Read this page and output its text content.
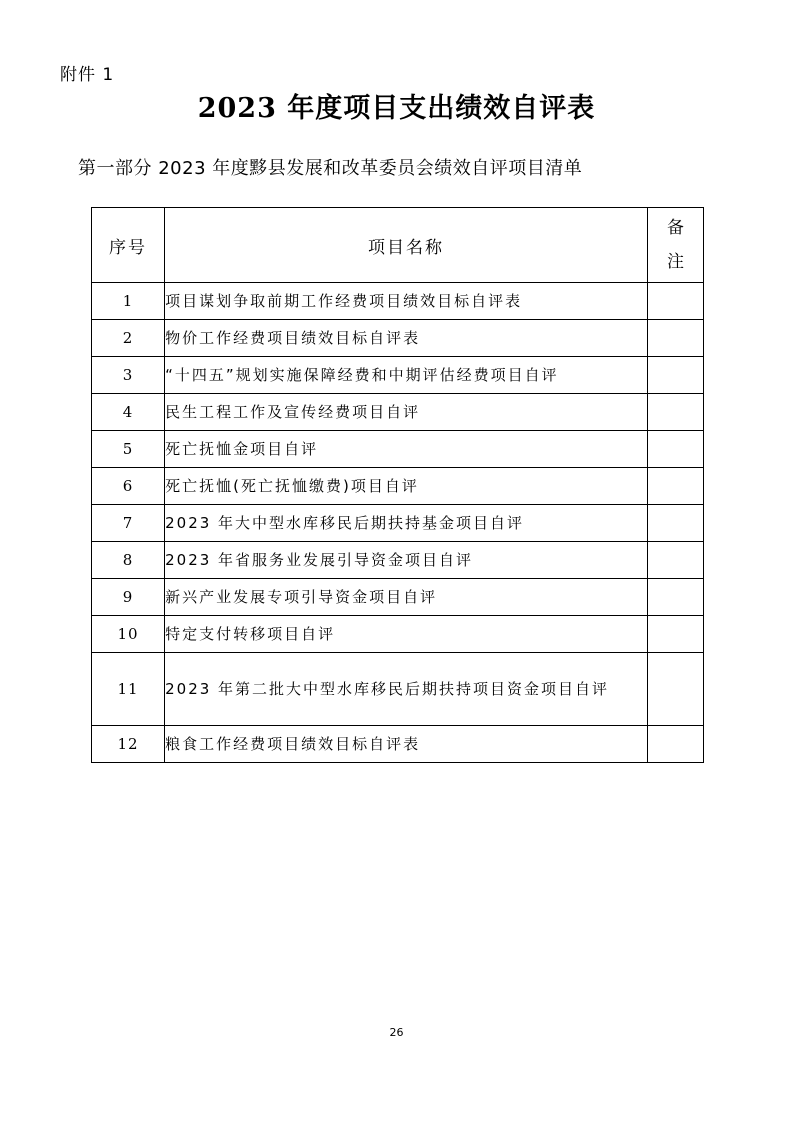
附件 1
2023 年度项目支出绩效自评表
第一部分 2023 年度黟县发展和改革委员会绩效自评项目清单
序号	项目名称	备
注

1	项目谋划争取前期工作经费项目绩效目标自评表	
2	物价工作经费项目绩效目标自评表	
3	“十四五”规划实施保障经费和中期评估经费项目自评	
4	民生工程工作及宣传经费项目自评	
5	死亡抚恤金项目自评	
6	死亡抚恤(死亡抚恤缴费)项目自评	
7	2023 年大中型水库移民后期扶持基金项目自评	
8	2023 年省服务业发展引导资金项目自评	
9	新兴产业发展专项引导资金项目自评	
10	特定支付转移项目自评	
11	2023 年第二批大中型水库移民后期扶持项目资金项目自评	
12	粮食工作经费项目绩效目标自评表	
26
